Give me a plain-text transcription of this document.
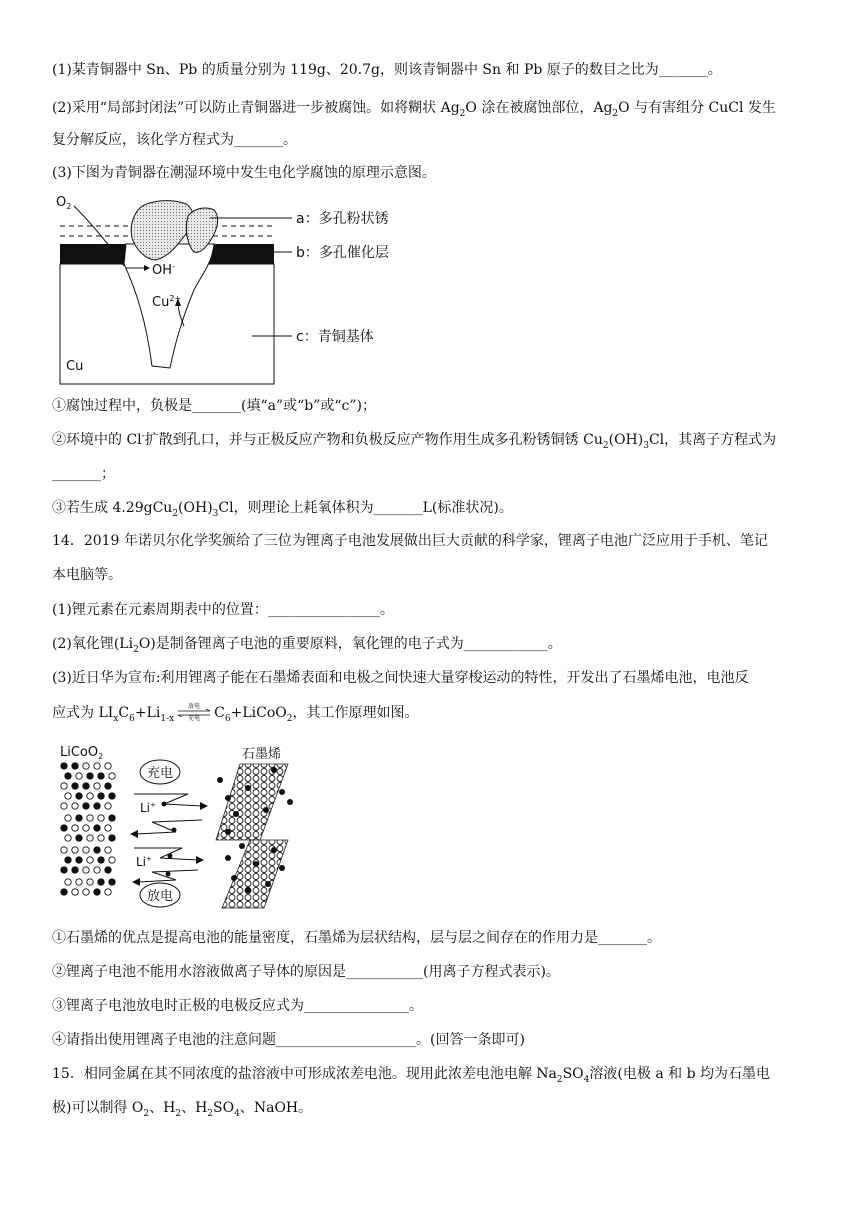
(1)某青铜器中 Sn、Pb 的质量分别为 119g、20.7g，则该青铜器中 Sn 和 Pb 原子的数目之比为_______。
(2)采用“局部封闭法”可以防止青铜器进一步被腐蚀。如将糊状 $Ag_2O$ 涂在被腐蚀部位，$Ag_2O$ 与有害组分 CuCl 发生
复分解反应，该化学方程式为_______。
(3)下图为青铜器在潮湿环境中发生电化学腐蚀的原理示意图。
$O_2$
OH-
$Cu^{2+}$
Cu
a：多孔粉状锈
b：多孔催化层
c：青铜基体
①腐蚀过程中，负极是_______(填“a”或“b”或“c”)；
②环境中的 Cl-扩散到孔口，并与正极反应产物和负极反应产物作用生成多孔粉锈铜锈 $Cu_2(OH)_3Cl$，其离子方程式为
_______；
③若生成 $4.29gCu_2(OH)_3Cl$，则理论上耗氧体积为_______L(标准状况)。
14．2019 年诺贝尔化学奖颁给了三位为锂离子电池发展做出巨大贡献的科学家，锂离子电池广泛应用于手机、笔记
本电脑等。
(1)锂元素在元素周期表中的位置：________________。
(2)氧化锂$(Li_2O)$是制备锂离子电池的重要原料，氧化锂的电子式为____________。
(3)近日华为宣布:利用锂离子能在石墨烯表面和电极之间快速大量穿梭运动的特性，开发出了石墨烯电池，电池反
应式为 $LI_xC_6+Li_{1-x}$
放电
充电	$C_6+LiCoO_2$，其工作原理如图。
LiCoO$_2$	石墨烯
充电
放电
Li+
Li+
①石墨烯的优点是提高电池的能量密度，石墨烯为层状结构，层与层之间存在的作用力是_______。
②锂离子电池不能用水溶液做离子导体的原因是___________(用离子方程式表示)。
③锂离子电池放电时正极的电极反应式为_______________。
④请指出使用锂离子电池的注意问题____________________。(回答一条即可)
15．相同金属在其不同浓度的盐溶液中可形成浓差电池。现用此浓差电池电解 $Na_2SO_4$溶液(电极 a 和 b 均为石墨电
极)可以制得 $O_2$、$H_2$、$H_2SO_4$、NaOH。
